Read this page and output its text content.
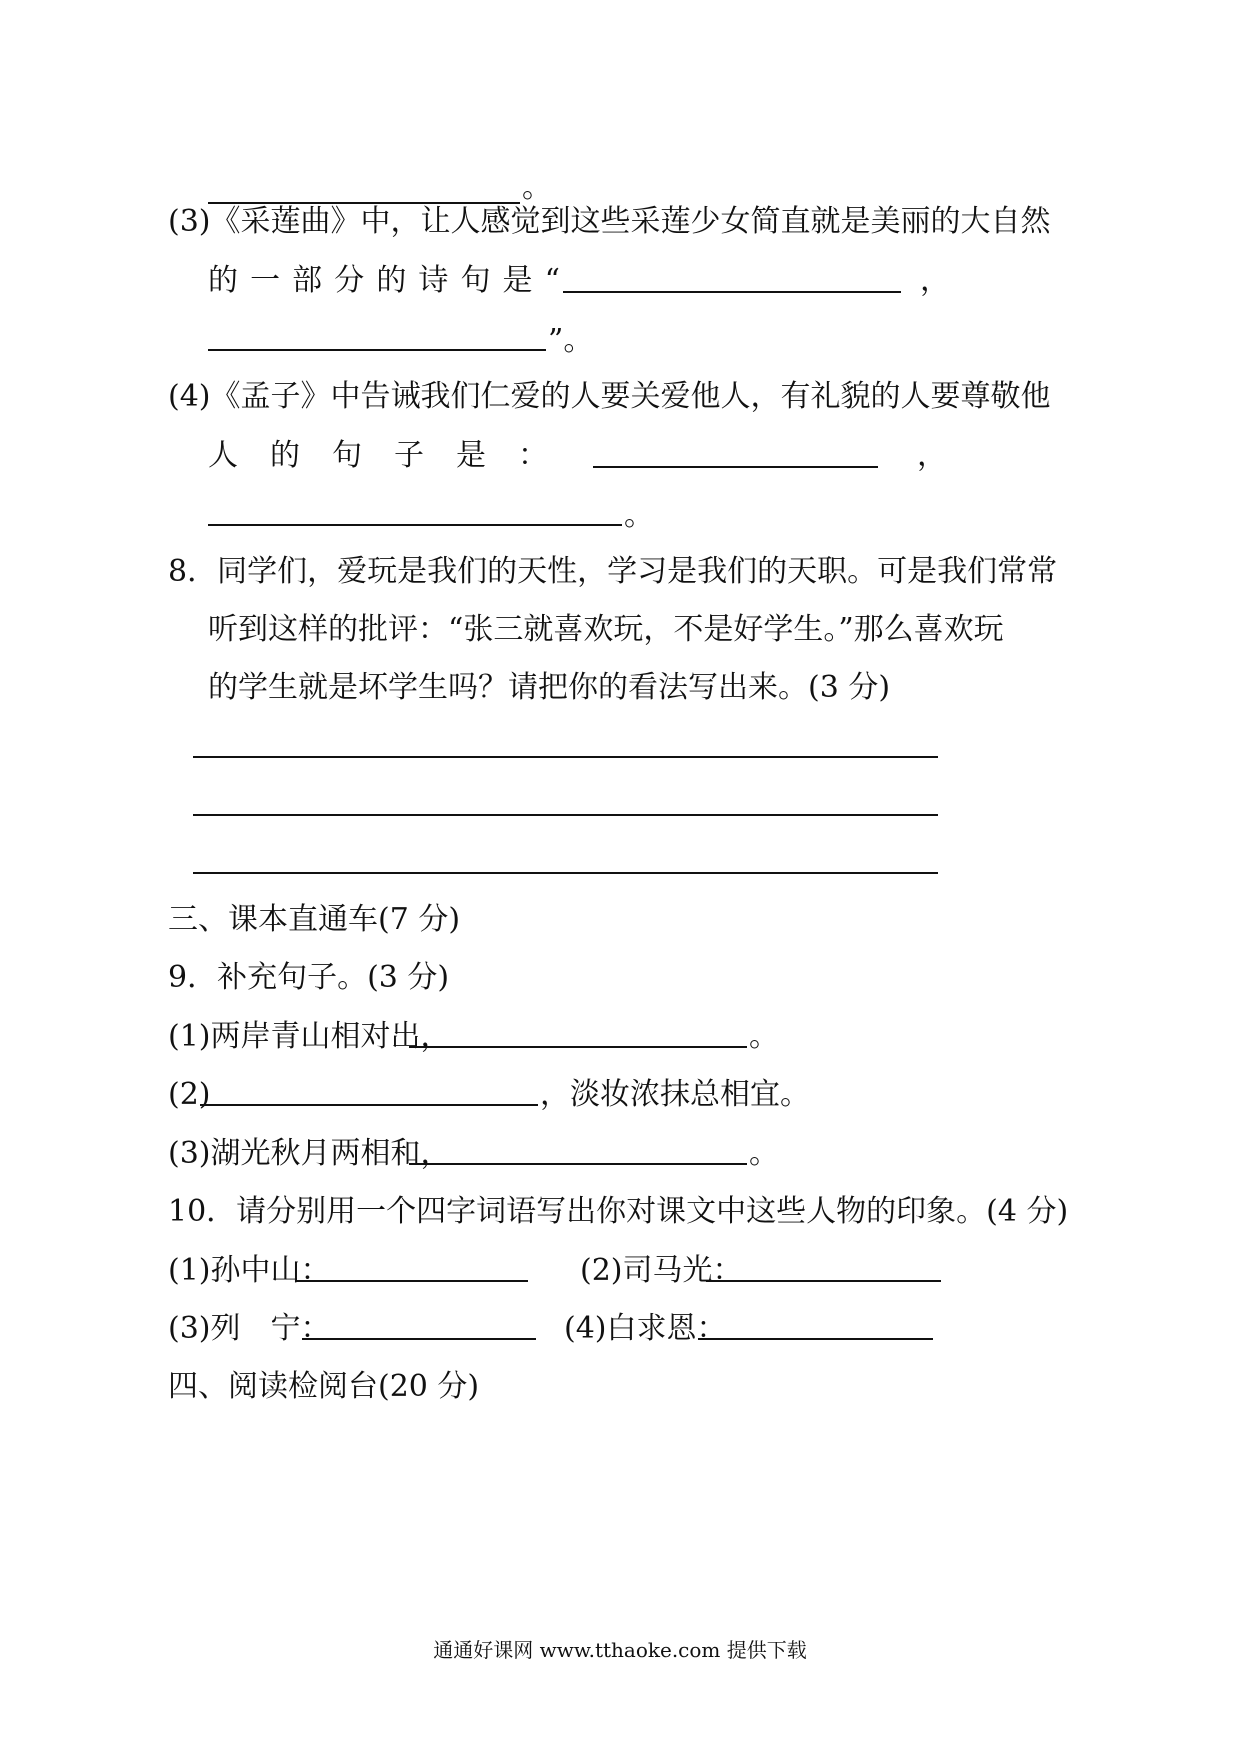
。
(3)《采莲曲》中，让人感觉到这些采莲少女简直就是美丽的大自然
的 一 部 分 的 诗 句 是 “	，
”。
(4)《孟子》中告诫我们仁爱的人要关爱他人，有礼貌的人要尊敬他
人 的 句 子 是 ：	，
。
8．同学们，爱玩是我们的天性，学习是我们的天职。可是我们常常
听到这样的批评：“张三就喜欢玩，不是好学生。”那么喜欢玩
的学生就是坏学生吗？请把你的看法写出来。(3 分)
三、课本直通车(7 分)
9．补充句子。(3 分)
(1)两岸青山相对出，	。
(2)	，淡妆浓抹总相宜。
(3)湖光秋月两相和，	。
10．请分别用一个四字词语写出你对课文中这些人物的印象。(4 分)
(1)孙中山：	(2)司马光：
(3)列　宁：	(4)白求恩：
四、阅读检阅台(20 分)
通通好课网 www.tthaoke.com 提供下载
